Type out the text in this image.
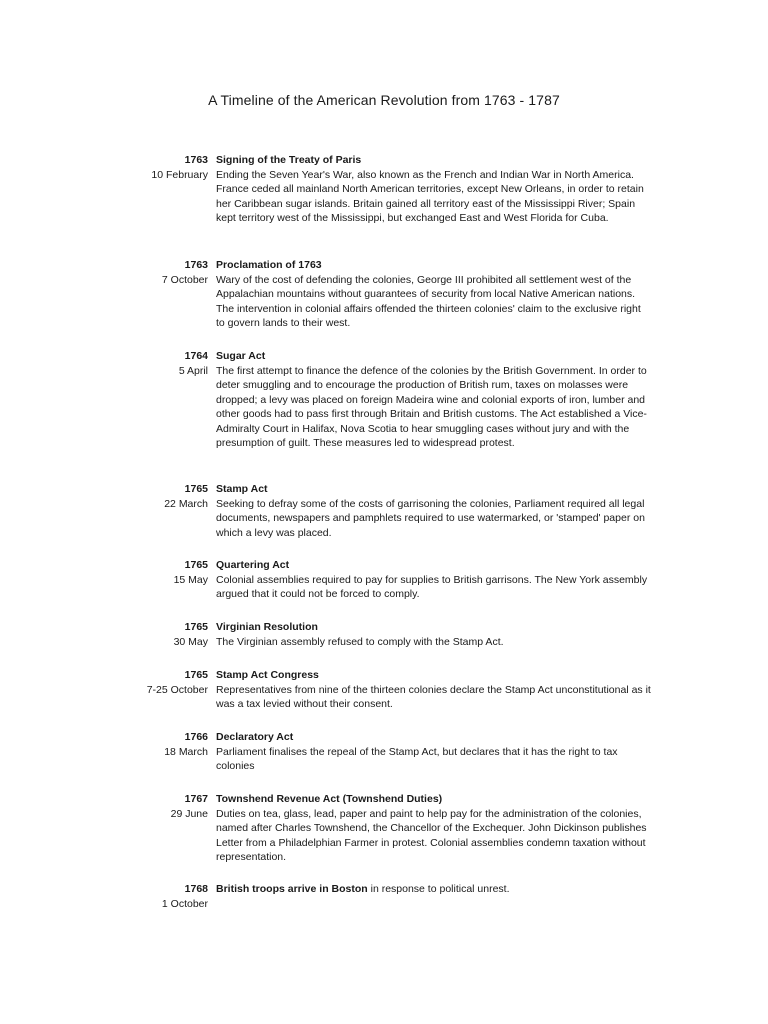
A Timeline of the American Revolution from 1763 - 1787
1763
10 February
Signing of the Treaty of Paris
Ending the Seven Year's War, also known as the French and Indian War in North America. France ceded all mainland North American territories, except New Orleans, in order to retain her Caribbean sugar islands. Britain gained all territory east of the Mississippi River; Spain kept territory west of the Mississippi, but exchanged East and West Florida for Cuba.
1763
7 October
Proclamation of 1763
Wary of the cost of defending the colonies, George III prohibited all settlement west of the Appalachian mountains without guarantees of security from local Native American nations. The intervention in colonial affairs offended the thirteen colonies' claim to the exclusive right to govern lands to their west.
1764
5 April
Sugar Act
The first attempt to finance the defence of the colonies by the British Government. In order to deter smuggling and to encourage the production of British rum, taxes on molasses were dropped; a levy was placed on foreign Madeira wine and colonial exports of iron, lumber and other goods had to pass first through Britain and British customs. The Act established a Vice-Admiralty Court in Halifax, Nova Scotia to hear smuggling cases without jury and with the presumption of guilt. These measures led to widespread protest.
1765
22 March
Stamp Act
Seeking to defray some of the costs of garrisoning the colonies, Parliament required all legal documents, newspapers and pamphlets required to use watermarked, or 'stamped' paper on which a levy was placed.
1765
15 May
Quartering Act
Colonial assemblies required to pay for supplies to British garrisons. The New York assembly argued that it could not be forced to comply.
1765
30 May
Virginian Resolution
The Virginian assembly refused to comply with the Stamp Act.
1765
7-25 October
Stamp Act Congress
Representatives from nine of the thirteen colonies declare the Stamp Act unconstitutional as it was a tax levied without their consent.
1766
18 March
Declaratory Act
Parliament finalises the repeal of the Stamp Act, but declares that it has the right to tax colonies
1767
29 June
Townshend Revenue Act (Townshend Duties)
Duties on tea, glass, lead, paper and paint to help pay for the administration of the colonies, named after Charles Townshend, the Chancellor of the Exchequer. John Dickinson publishes Letter from a Philadelphian Farmer in protest. Colonial assemblies condemn taxation without representation.
1768
1 October
British troops arrive in Boston in response to political unrest.
